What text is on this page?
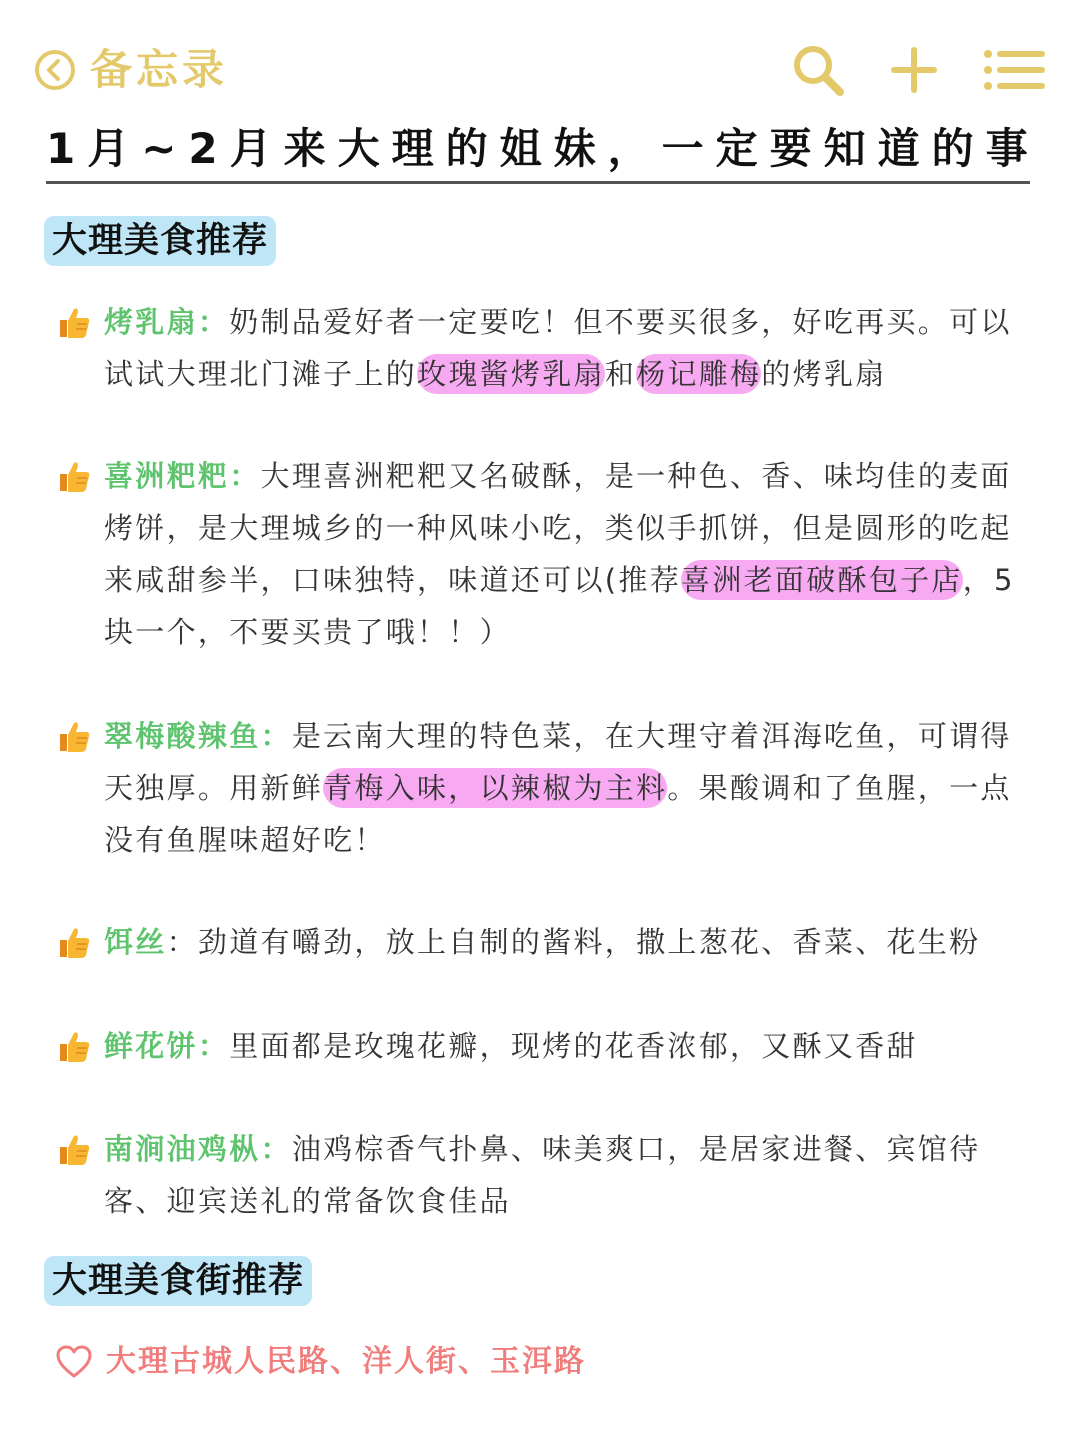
备忘录
1月~2月来大理的姐妹，一定要知道的事
大理美食推荐
烤乳扇：奶制品爱好者一定要吃！但不要买很多，好吃再买。可以试试大理北门滩子上的玫瑰酱烤乳扇和杨记雕梅的烤乳扇
喜洲粑粑：大理喜洲粑粑又名破酥，是一种色、香、味均佳的麦面烤饼，是大理城乡的一种风味小吃，类似手抓饼，但是圆形的吃起来咸甜参半，口味独特，味道还可以(推荐喜洲老面破酥包子店，5块一个，不要买贵了哦！！）
翠梅酸辣鱼：是云南大理的特色菜，在大理守着洱海吃鱼，可谓得天独厚。用新鲜青梅入味，以辣椒为主料。果酸调和了鱼腥，一点没有鱼腥味超好吃！
饵丝：劲道有嚼劲，放上自制的酱料，撒上葱花、香菜、花生粉
鲜花饼：里面都是玫瑰花瓣，现烤的花香浓郁，又酥又香甜
南涧油鸡枞：油鸡棕香气扑鼻、味美爽口，是居家进餐、宾馆待客、迎宾送礼的常备饮食佳品
大理美食街推荐
大理古城人民路、洋人街、玉洱路
